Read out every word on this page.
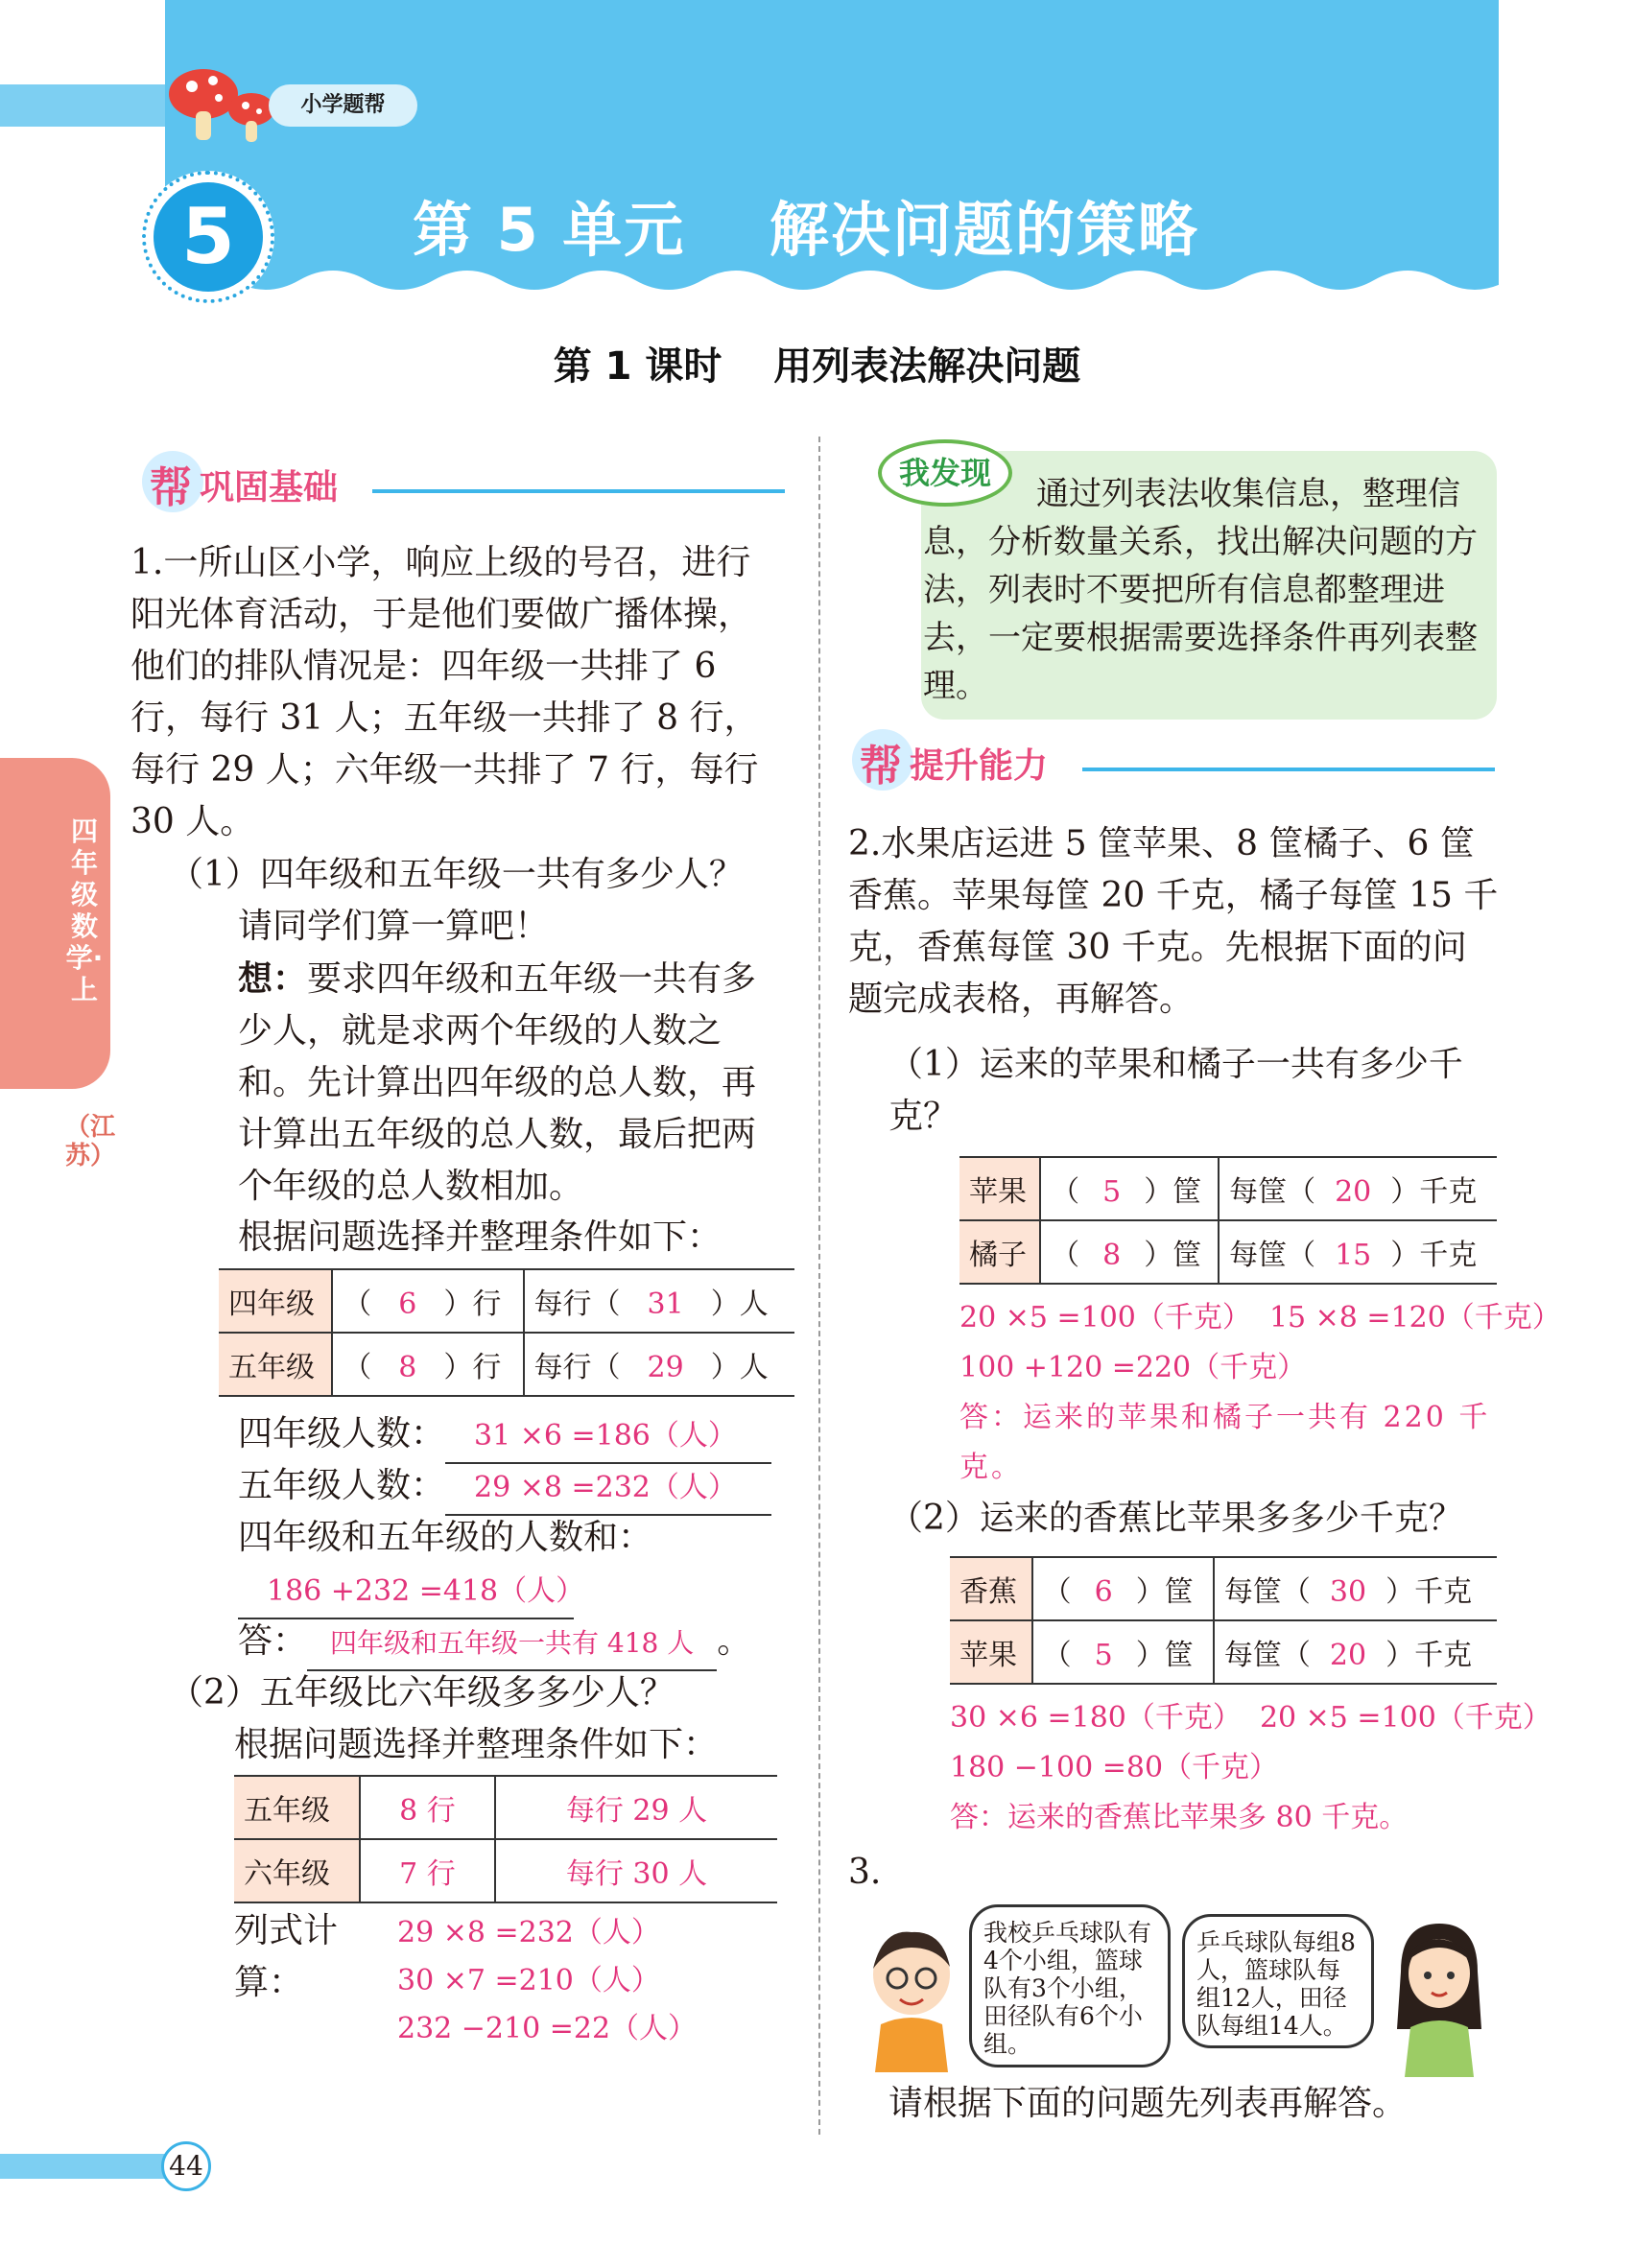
小学题帮
5	第 5 单元　 解决问题的策略
第 1 课时　 用列表法解决问题
四年级数学·上
（江苏）
帮 巩固基础
1.一所山区小学，响应上级的号召，进行阳光体育活动，于是他们要做广播体操，他们的排队情况是：四年级一共排了 6 行，每行 31 人；五年级一共排了 8 行，每行 29 人；六年级一共排了 7 行，每行 30 人。
（1）四年级和五年级一共有多少人？
请同学们算一算吧！
想：要求四年级和五年级一共有多少人，就是求两个年级的人数之和。先计算出四年级的总人数，再计算出五年级的总人数，最后把两个年级的总人数相加。
根据问题选择并整理条件如下：
四年级	（ 6 ）行	每行（ 31 ）人
五年级	（ 8 ）行	每行（ 29 ）人
四年级人数： 31 ×6 =186（人）
五年级人数： 29 ×8 =232（人）
四年级和五年级的人数和：
186 +232 =418（人）
答： 四年级和五年级一共有 418 人 。
（2）五年级比六年级多多少人？
根据问题选择并整理条件如下：
五年级	8 行	每行 29 人
六年级	7 行	每行 30 人
列式计算：
29 ×8 =232（人）
30 ×7 =210（人）
232 −210 =22（人）
我发现
通过列表法收集信息，整理信息，分析数量关系，找出解决问题的方法，列表时不要把所有信息都整理进去，一定要根据需要选择条件再列表整理。
帮 提升能力
2.水果店运进 5 筐苹果、8 筐橘子、6 筐香蕉。苹果每筐 20 千克，橘子每筐 15 千克，香蕉每筐 30 千克。先根据下面的问题完成表格，再解答。
（1）运来的苹果和橘子一共有多少千克？
苹果	（ 5 ）筐	每筐（ 20 ）千克
橘子	（ 8 ）筐	每筐（ 15 ）千克
20 ×5 =100（千克）  15 ×8 =120（千克）
100 +120 =220（千克）
答：运来的苹果和橘子一共有 220 千克。
（2）运来的香蕉比苹果多多少千克？
香蕉	（ 6 ）筐	每筐（ 30 ）千克
苹果	（ 5 ）筐	每筐（ 20 ）千克
30 ×6 =180（千克）  20 ×5 =100（千克）
180 −100 =80（千克）
答：运来的香蕉比苹果多 80 千克。
3.
我校乒乓球队有4个小组，篮球队有3个小组，田径队有6个小组。
乒乓球队每组8人，篮球队每组12人，田径队每组14人。
请根据下面的问题先列表再解答。
44
